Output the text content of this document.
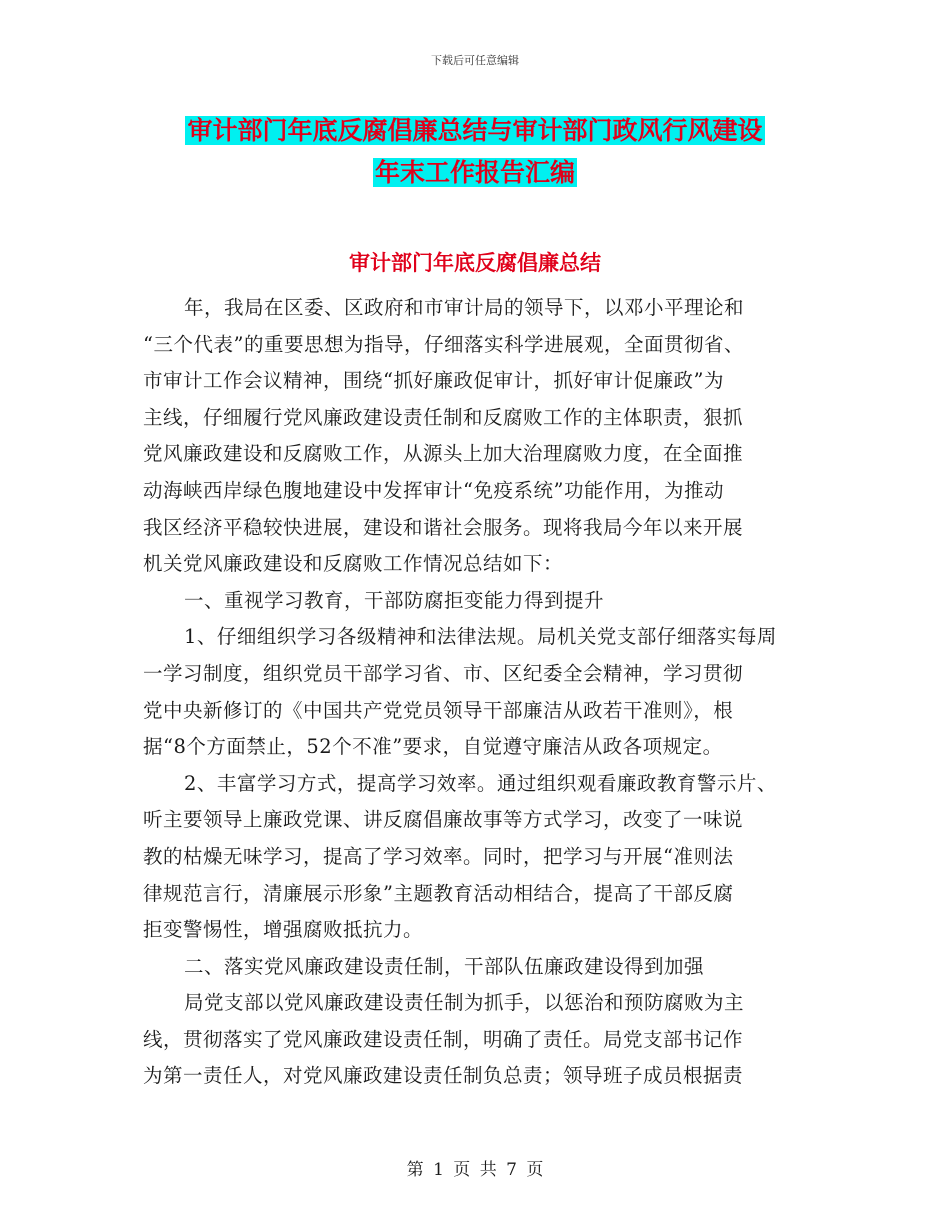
下载后可任意编辑
审计部门年底反腐倡廉总结与审计部门政风行风建设
年末工作报告汇编
审计部门年底反腐倡廉总结
年，我局在区委、区政府和市审计局的领导下，以邓小平理论和
“三个代表”的重要思想为指导，仔细落实科学进展观，全面贯彻省、
市审计工作会议精神，围绕“抓好廉政促审计，抓好审计促廉政”为
主线，仔细履行党风廉政建设责任制和反腐败工作的主体职责，狠抓
党风廉政建设和反腐败工作，从源头上加大治理腐败力度，在全面推
动海峡西岸绿色腹地建设中发挥审计“免疫系统”功能作用，为推动
我区经济平稳较快进展，建设和谐社会服务。现将我局今年以来开展
机关党风廉政建设和反腐败工作情况总结如下：
一、重视学习教育，干部防腐拒变能力得到提升
1、仔细组织学习各级精神和法律法规。局机关党支部仔细落实每周
一学习制度，组织党员干部学习省、市、区纪委全会精神，学习贯彻
党中央新修订的《中国共产党党员领导干部廉洁从政若干准则》，根
据“8个方面禁止，52个不准”要求，自觉遵守廉洁从政各项规定。
2、丰富学习方式，提高学习效率。通过组织观看廉政教育警示片、
听主要领导上廉政党课、讲反腐倡廉故事等方式学习，改变了一味说
教的枯燥无味学习，提高了学习效率。同时，把学习与开展“准则法
律规范言行，清廉展示形象”主题教育活动相结合，提高了干部反腐
拒变警惕性，增强腐败抵抗力。
二、落实党风廉政建设责任制，干部队伍廉政建设得到加强
局党支部以党风廉政建设责任制为抓手，以惩治和预防腐败为主
线，贯彻落实了党风廉政建设责任制，明确了责任。局党支部书记作
为第一责任人，对党风廉政建设责任制负总责；领导班子成员根据责
第 1 页 共 7 页
